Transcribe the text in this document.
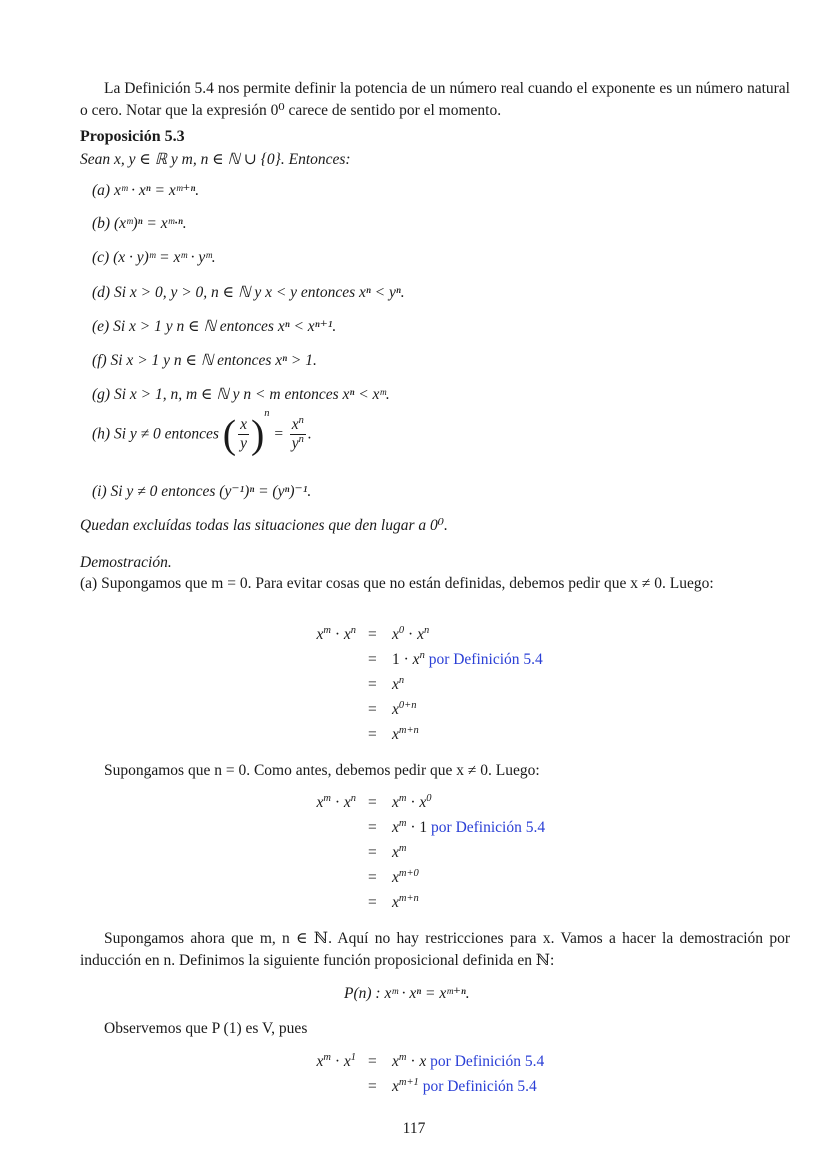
La Definición 5.4 nos permite definir la potencia de un número real cuando el exponente es un número natural o cero. Notar que la expresión 0⁰ carece de sentido por el momento.
Proposición 5.3
Sean x, y ∈ ℝ y m, n ∈ ℕ ∪ {0}. Entonces:
(a) xᵐ · xⁿ = xᵐ⁺ⁿ.
(b) (xᵐ)ⁿ = xᵐ·ⁿ.
(c) (x · y)ᵐ = xᵐ · yᵐ.
(d) Si x > 0, y > 0, n ∈ ℕ y x < y entonces xⁿ < yⁿ.
(e) Si x > 1 y n ∈ ℕ entonces xⁿ < xⁿ⁺¹.
(f) Si x > 1 y n ∈ ℕ entonces xⁿ > 1.
(g) Si x > 1, n, m ∈ ℕ y n < m entonces xⁿ < xᵐ.
(h) Si y ≠ 0 entonces ( $\frac{x}{y} )^n = \frac{x^n}{y^n}$ .
(i) Si y ≠ 0 entonces (y⁻¹)ⁿ = (yⁿ)⁻¹.
Quedan excluídas todas las situaciones que den lugar a 0⁰.
Demostración.
(a) Supongamos que m = 0. Para evitar cosas que no están definidas, debemos pedir que x ≠ 0. Luego:
$x^m \cdot x^n = x^0 \cdot x^n$
= $1 \cdot x^n$ por Definición 5.4
= $x^n$
= $x^{0+n}$
= $x^{m+n}$
Supongamos que n = 0. Como antes, debemos pedir que x ≠ 0. Luego:
$x^m \cdot x^n = x^m \cdot x^0$
= $x^m \cdot 1$ por Definición 5.4
= $x^m$
= $x^{m+0}$
= $x^{m+n}$
Supongamos ahora que m, n ∈ ℕ. Aquí no hay restricciones para x. Vamos a hacer la demostración por inducción en n. Definimos la siguiente función proposicional definida en ℕ:
P(n) : xᵐ · xⁿ = xᵐ⁺ⁿ.
Observemos que P (1) es V, pues
$x^m \cdot x^1 = x^m \cdot x$ por Definición 5.4
= $x^{m+1}$ por Definición 5.4
117
